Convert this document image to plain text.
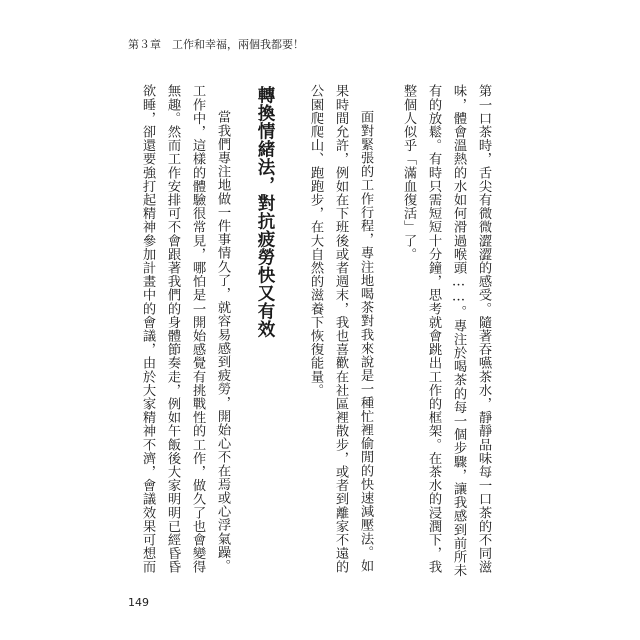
第３章　工作和幸福，兩個我都要！
第一口茶時，舌尖有微微澀澀的感受。隨著吞嚥茶水，靜靜品味每一口茶的不同滋
味，體會溫熱的水如何滑過喉頭……。專注於喝茶的每一個步驟，讓我感到前所未
有的放鬆。有時只需短短十分鐘，思考就會跳出工作的框架。在茶水的浸潤下，我
整個人似乎「滿血復活」了。
面對緊張的工作行程，專注地喝茶對我來說是一種忙裡偷閒的快速減壓法。如
果時間允許，例如在下班後或者週末，我也喜歡在社區裡散步，或者到離家不遠的
公園爬爬山、跑跑步，在大自然的滋養下恢復能量。
轉換情緒法，對抗疲勞快又有效
當我們專注地做一件事情久了，就容易感到疲勞，開始心不在焉或心浮氣躁。
工作中，這樣的體驗很常見，哪怕是一開始感覺有挑戰性的工作，做久了也會變得
無趣。然而工作安排可不會跟著我們的身體節奏走，例如午飯後大家明明已經昏昏
欲睡，卻還要強打起精神參加計畫中的會議，由於大家精神不濟，會議效果可想而
149
